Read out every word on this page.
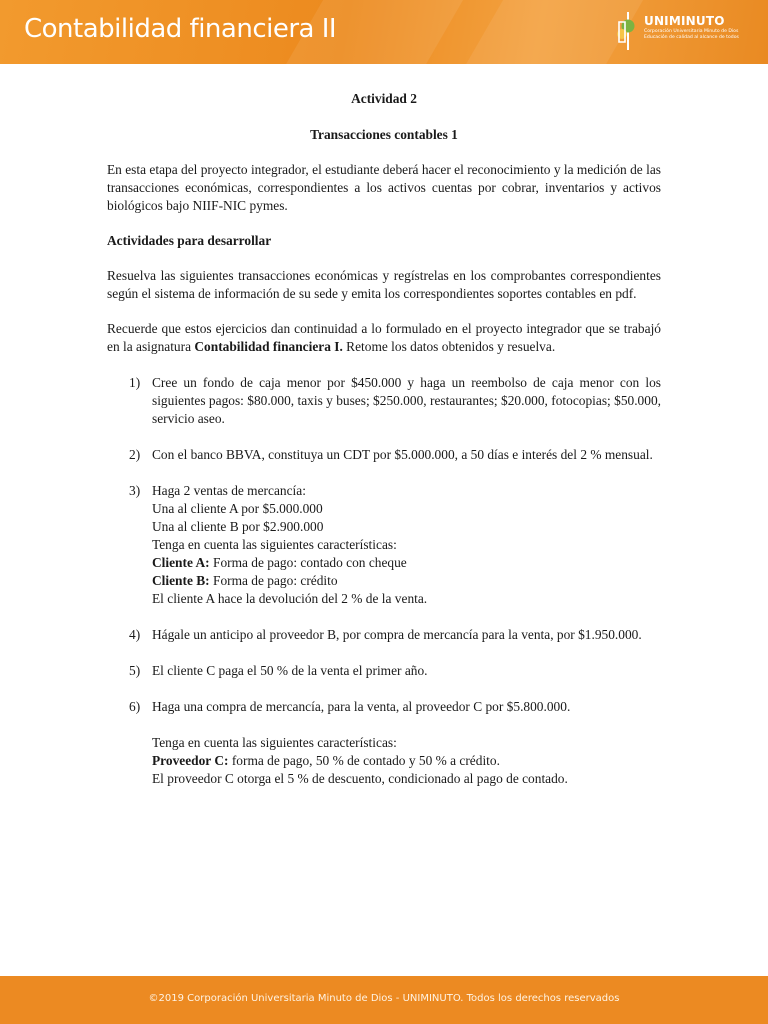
Contabilidad financiera II	UNIMINUTO
Corporación Universitaria Minuto de Dios
Educación de calidad al alcance de todos

Actividad 2

Transacciones contables 1

En esta etapa del proyecto integrador, el estudiante deberá hacer el reconocimiento y la medición de las transacciones económicas, correspondientes a los activos cuentas por cobrar, inventarios y activos biológicos bajo NIIF-NIC pymes.

Actividades para desarrollar

Resuelva las siguientes transacciones económicas y regístrelas en los comprobantes correspondientes según el sistema de información de su sede y emita los correspondientes soportes contables en pdf.

Recuerde que estos ejercicios dan continuidad a lo formulado en el proyecto integrador que se trabajó en la asignatura Contabilidad financiera I. Retome los datos obtenidos y resuelva.

1) Cree un fondo de caja menor por $450.000 y haga un reembolso de caja menor con los siguientes pagos: $80.000, taxis y buses; $250.000, restaurantes; $20.000, fotocopias; $50.000, servicio aseo.
2) Con el banco BBVA, constituya un CDT por $5.000.000, a 50 días e interés del 2 % mensual.
3) Haga 2 ventas de mercancía:
Una al cliente A por $5.000.000
Una al cliente B por $2.900.000
Tenga en cuenta las siguientes características:
Cliente A: Forma de pago: contado con cheque
Cliente B: Forma de pago: crédito
El cliente A hace la devolución del 2 % de la venta.
4) Hágale un anticipo al proveedor B, por compra de mercancía para la venta, por $1.950.000.
5) El cliente C paga el 50 % de la venta el primer año.
6) Haga una compra de mercancía, para la venta, al proveedor C por $5.800.000.
Tenga en cuenta las siguientes características:
Proveedor C: forma de pago, 50 % de contado y 50 % a crédito.
El proveedor C otorga el 5 % de descuento, condicionado al pago de contado.
©2019 Corporación Universitaria Minuto de Dios - UNIMINUTO. Todos los derechos reservados
